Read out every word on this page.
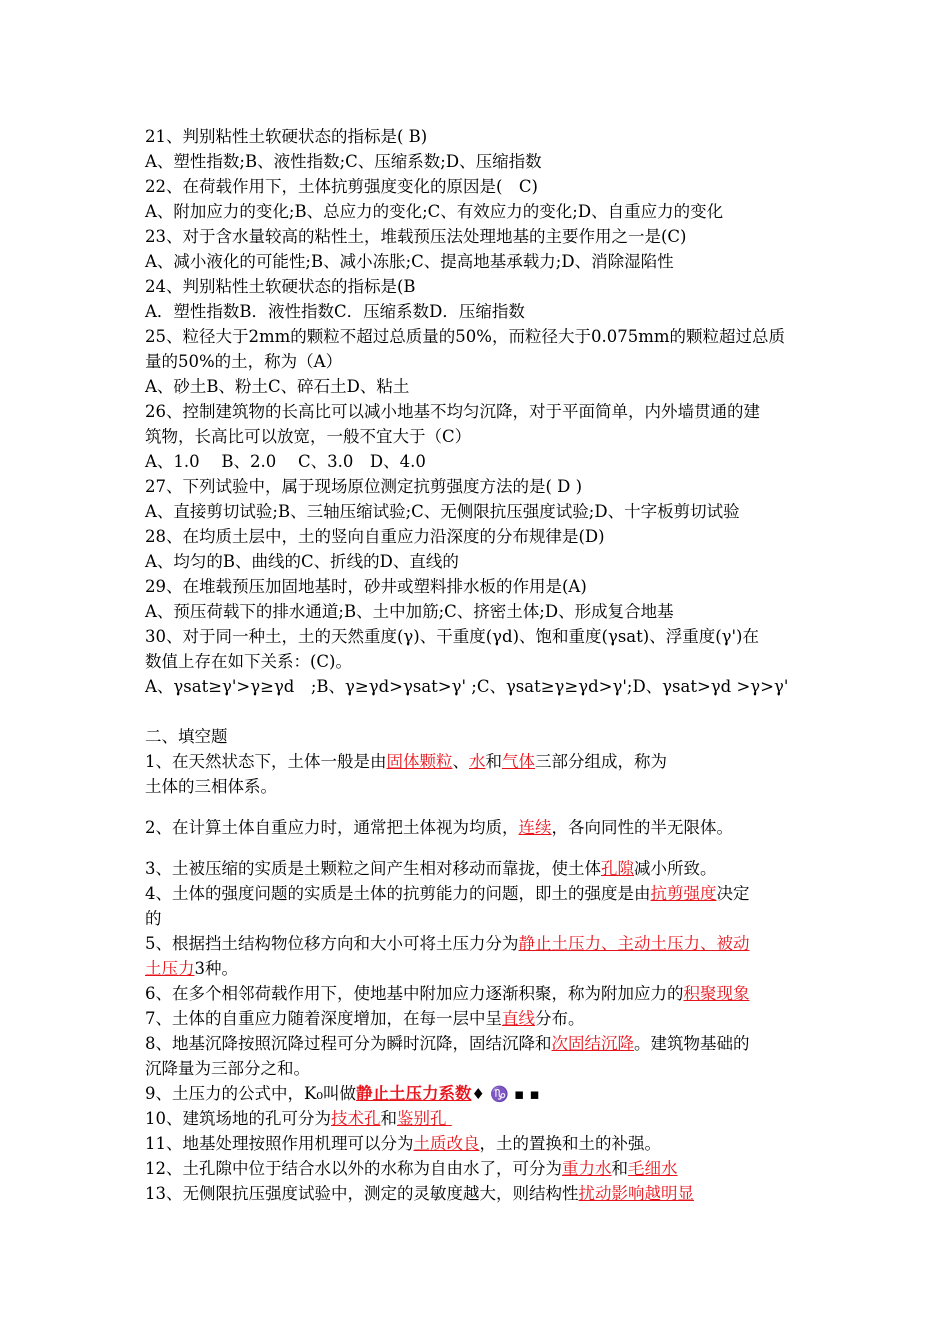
21、判别粘性土软硬状态的指标是( B)
A、塑性指数;B、液性指数;C、压缩系数;D、压缩指数
22、在荷载作用下，土体抗剪强度变化的原因是(　C)
A、附加应力的变化;B、总应力的变化;C、有效应力的变化;D、自重应力的变化
23、对于含水量较高的粘性土，堆载预压法处理地基的主要作用之一是(C)
A、减小液化的可能性;B、减小冻胀;C、提高地基承载力;D、消除湿陷性
24、判别粘性土软硬状态的指标是(B
A．塑性指数B．液性指数C．压缩系数D．压缩指数
25、粒径大于2mm的颗粒不超过总质量的50%，而粒径大于0.075mm的颗粒超过总质
量的50%的土，称为（A）
A、砂土B、粉土C、碎石土D、粘土
26、控制建筑物的长高比可以减小地基不均匀沉降，对于平面简单，内外墙贯通的建
筑物，长高比可以放宽，一般不宜大于（C）
A、1.0　 B、2.0　 C、3.0　D、4.0
27、下列试验中，属于现场原位测定抗剪强度方法的是( D )
A、直接剪切试验;B、三轴压缩试验;C、无侧限抗压强度试验;D、十字板剪切试验
28、在均质土层中，土的竖向自重应力沿深度的分布规律是(D)
A、均匀的B、曲线的C、折线的D、直线的
29、在堆载预压加固地基时，砂井或塑料排水板的作用是(A)
A、预压荷载下的排水通道;B、土中加筋;C、挤密土体;D、形成复合地基
30、对于同一种土，土的天然重度(γ)、干重度(γd)、饱和重度(γsat)、浮重度(γ')在
数值上存在如下关系：(C)。
A、γsat≥γ'>γ≥γd　;B、γ≥γd>γsat>γ' ;C、γsat≥γ≥γd>γ';D、γsat>γd >γ>γ'
二、填空题
1、在天然状态下，土体一般是由固体颗粒、水和气体三部分组成，称为
土体的三相体系。
2、在计算土体自重应力时，通常把土体视为均质，连续，各向同性的半无限体。
3、土被压缩的实质是土颗粒之间产生相对移动而靠拢，使土体孔隙减小所致。
4、土体的强度问题的实质是土体的抗剪能力的问题，即土的强度是由抗剪强度决定
的
5、根据挡土结构物位移方向和大小可将土压力分为静止土压力、主动土压力、被动
土压力3种。
6、在多个相邻荷载作用下，使地基中附加应力逐渐积聚，称为附加应力的积聚现象
7、土体的自重应力随着深度增加，在每一层中呈直线分布。
8、地基沉降按照沉降过程可分为瞬时沉降，固结沉降和次固结沉降。建筑物基础的
沉降量为三部分之和。
9、土压力的公式中，K₀叫做静止土压力系数♦ ♑ ▪ ▪
10、建筑场地的孔可分为技术孔和鉴别孔
11、地基处理按照作用机理可以分为土质改良，土的置换和土的补强。
12、土孔隙中位于结合水以外的水称为自由水了，可分为重力水和毛细水
13、无侧限抗压强度试验中，测定的灵敏度越大，则结构性扰动影响越明显
